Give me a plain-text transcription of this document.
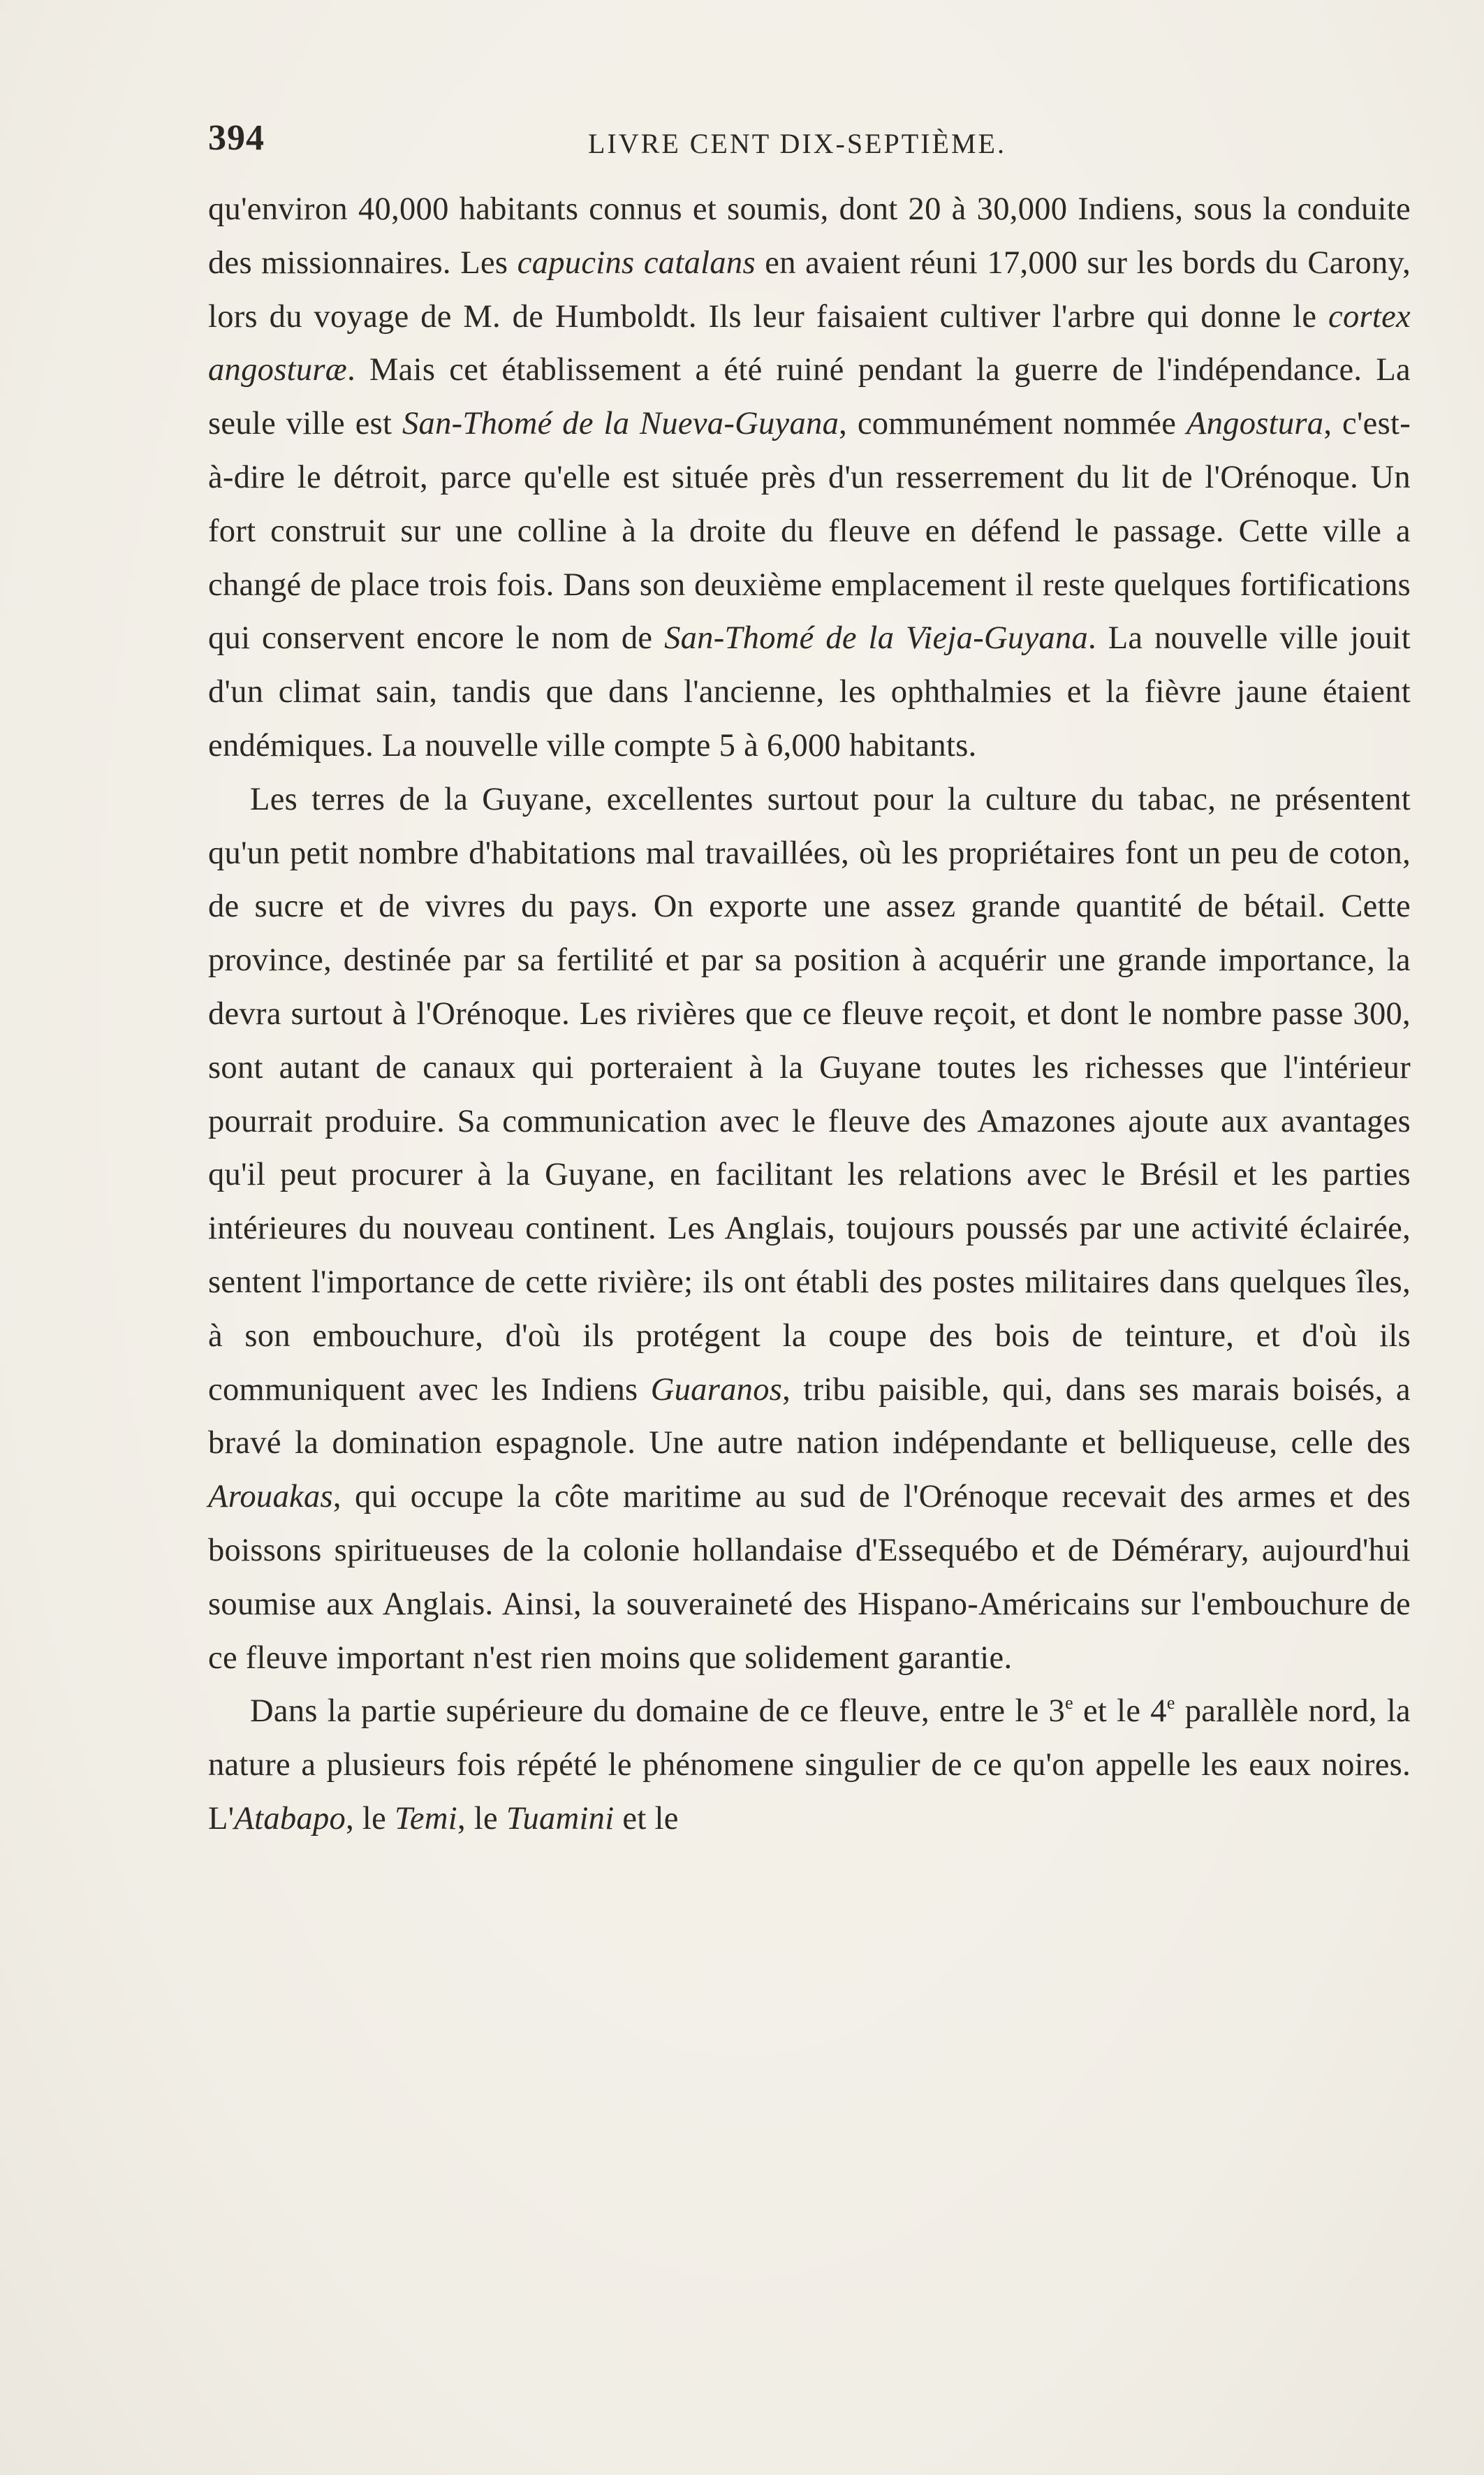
394	LIVRE CENT DIX-SEPTIÈME.

qu'environ 40,000 habitants connus et soumis, dont 20 à 30,000 Indiens, sous la conduite des missionnaires. Les capucins catalans en avaient réuni 17,000 sur les bords du Carony, lors du voyage de M. de Humboldt. Ils leur faisaient cultiver l'arbre qui donne le cortex angosturæ. Mais cet établissement a été ruiné pendant la guerre de l'indépendance. La seule ville est San-Thomé de la Nueva-Guyana, communément nommée Angostura, c'est-à-dire le détroit, parce qu'elle est située près d'un resserrement du lit de l'Orénoque. Un fort construit sur une colline à la droite du fleuve en défend le passage. Cette ville a changé de place trois fois. Dans son deuxième emplacement il reste quelques fortifications qui conservent encore le nom de San-Thomé de la Vieja-Guyana. La nouvelle ville jouit d'un climat sain, tandis que dans l'ancienne, les ophthalmies et la fièvre jaune étaient endémiques. La nouvelle ville compte 5 à 6,000 habitants.

Les terres de la Guyane, excellentes surtout pour la culture du tabac, ne présentent qu'un petit nombre d'habitations mal travaillées, où les propriétaires font un peu de coton, de sucre et de vivres du pays. On exporte une assez grande quantité de bétail. Cette province, destinée par sa fertilité et par sa position à acquérir une grande importance, la devra surtout à l'Orénoque. Les rivières que ce fleuve reçoit, et dont le nombre passe 300, sont autant de canaux qui porteraient à la Guyane toutes les richesses que l'intérieur pourrait produire. Sa communication avec le fleuve des Amazones ajoute aux avantages qu'il peut procurer à la Guyane, en facilitant les relations avec le Brésil et les parties intérieures du nouveau continent. Les Anglais, toujours poussés par une activité éclairée, sentent l'importance de cette rivière; ils ont établi des postes militaires dans quelques îles, à son embouchure, d'où ils protégent la coupe des bois de teinture, et d'où ils communiquent avec les Indiens Guaranos, tribu paisible, qui, dans ses marais boisés, a bravé la domination espagnole. Une autre nation indépendante et belliqueuse, celle des Arouakas, qui occupe la côte maritime au sud de l'Orénoque recevait des armes et des boissons spiritueuses de la colonie hollandaise d'Essequébo et de Démérary, aujourd'hui soumise aux Anglais. Ainsi, la souveraineté des Hispano-Américains sur l'embouchure de ce fleuve important n'est rien moins que solidement garantie.

Dans la partie supérieure du domaine de ce fleuve, entre le 3e et le 4e parallèle nord, la nature a plusieurs fois répété le phénomene singulier de ce qu'on appelle les eaux noires. L'Atabapo, le Temi, le Tuamini et le
